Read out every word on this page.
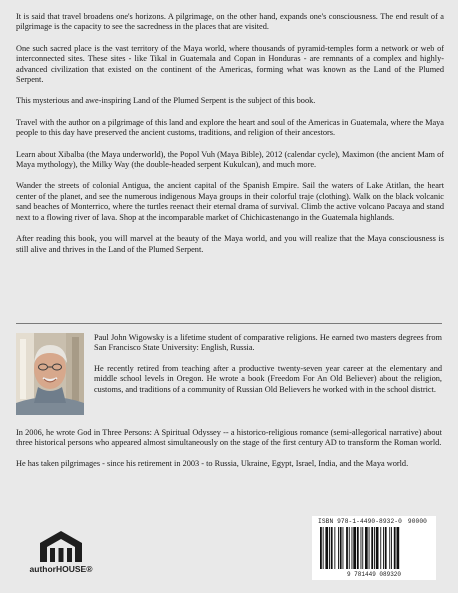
It is said that travel broadens one's horizons. A pilgrimage, on the other hand, expands one's consciousness. The end result of a pilgrimage is the capacity to see the sacredness in the places that are visited.

One such sacred place is the vast territory of the Maya world, where thousands of pyramid-temples form a network or web of interconnected sites. These sites - like Tikal in Guatemala and Copan in Honduras - are remnants of a complex and highly-advanced civilization that existed on the continent of the Americas, forming what was known as the Land of the Plumed Serpent.

This mysterious and awe-inspiring Land of the Plumed Serpent is the subject of this book.

Travel with the author on a pilgrimage of this land and explore the heart and soul of the Americas in Guatemala, where the Maya people to this day have preserved the ancient customs, traditions, and religion of their ancestors.

Learn about Xibalba (the Maya underworld), the Popol Vuh (Maya Bible), 2012 (calendar cycle), Maximon (the ancient Mam of Maya mythology), the Milky Way (the double-headed serpent Kukulcan), and much more.

Wander the streets of colonial Antigua, the ancient capital of the Spanish Empire. Sail the waters of Lake Atitlan, the heart center of the planet, and see the numerous indigenous Maya groups in their colorful traje (clothing). Walk on the black volcanic sand beaches of Monterrico, where the turtles reenact their eternal drama of survival. Climb the active volcano Pacaya and stand next to a flowing river of lava. Shop at the incomparable market of Chichicastenango in the Guatemala highlands.

After reading this book, you will marvel at the beauty of the Maya world, and you will realize that the Maya consciousness is still alive and thrives in the Land of the Plumed Serpent.

Paul John Wigowsky is a lifetime student of comparative religions. He earned two masters degrees from San Francisco State University: English, Russia.

He recently retired from teaching after a productive twenty-seven year career at the elementary and middle school levels in Oregon. He wrote a book (Freedom For An Old Believer) about the religion, customs, and traditions of a community of Russian Old Believers he worked with in the school district.

In 2006, he wrote God in Three Persons: A Spiritual Odyssey -- a historico-religious romance (semi-allegorical narrative) about three historical persons who appeared almost simultaneously on the stage of the first century AD to transform the Roman world.

He has taken pilgrimages - since his retirement in 2003 - to Russia, Ukraine, Egypt, Israel, India, and the Maya world.

authorHOUSE®
ISBN 978-1-4490-8932-0 90000
9 781449 089320
